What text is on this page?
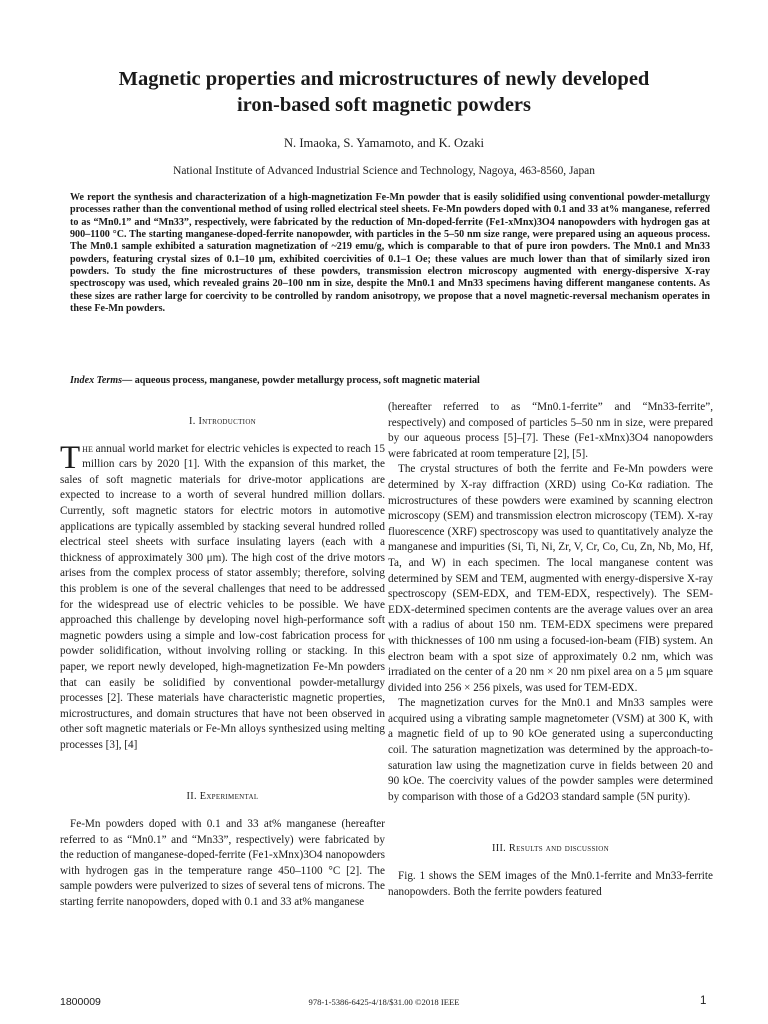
Magnetic properties and microstructures of newly developed
iron-based soft magnetic powders
N. Imaoka, S. Yamamoto, and K. Ozaki
National Institute of Advanced Industrial Science and Technology, Nagoya, 463-8560, Japan

We report the synthesis and characterization of a high-magnetization Fe-Mn powder that is easily solidified using conventional powder-metallurgy processes rather than the conventional method of using rolled electrical steel sheets. Fe-Mn powders doped with 0.1 and 33 at% manganese, referred to as “Mn0.1” and “Mn33”, respectively, were fabricated by the reduction of Mn-doped-ferrite (Fe1-xMnx)3O4 nanopowders with hydrogen gas at 900–1100 °C. The starting manganese-doped-ferrite nanopowder, with particles in the 5–50 nm size range, were prepared using an aqueous process. The Mn0.1 sample exhibited a saturation magnetization of ~219 emu/g, which is comparable to that of pure iron powders. The Mn0.1 and Mn33 powders, featuring crystal sizes of 0.1–10 μm, exhibited coercivities of 0.1–1 Oe; these values are much lower than that of similarly sized iron powders. To study the fine microstructures of these powders, transmission electron microscopy augmented with energy-dispersive X-ray spectroscopy was used, which revealed grains 20–100 nm in size, despite the Mn0.1 and Mn33 specimens having different manganese contents. As these sizes are rather large for coercivity to be controlled by random anisotropy, we propose that a novel magnetic-reversal mechanism operates in these Fe-Mn powders.

Index Terms— aqueous process, manganese, powder metallurgy process, soft magnetic material
I. Introduction

The annual world market for electric vehicles is expected to reach 15 million cars by 2020 [1]. With the expansion of this market, the sales of soft magnetic materials for drive-motor applications are expected to increase to a worth of several hundred million dollars. Currently, soft magnetic stators for electric motors in automotive applications are typically assembled by stacking several hundred rolled electrical steel sheets with surface insulating layers (each with a thickness of approximately 300 μm). The high cost of the drive motors arises from the complex process of stator assembly; therefore, solving this problem is one of the several challenges that need to be addressed for the widespread use of electric vehicles to be possible. We have approached this challenge by developing novel high-performance soft magnetic powders using a simple and low-cost fabrication process for powder solidification, without involving rolling or stacking. In this paper, we report newly developed, high-magnetization Fe-Mn powders that can easily be solidified by conventional powder-metallurgy processes [2]. These materials have characteristic magnetic properties, microstructures, and domain structures that have not been observed in other soft magnetic materials or Fe-Mn alloys synthesized using melting processes [3], [4]

II. Experimental

Fe-Mn powders doped with 0.1 and 33 at% manganese (hereafter referred to as “Mn0.1” and “Mn33”, respectively) were fabricated by the reduction of manganese-doped-ferrite (Fe1-xMnx)3O4 nanopowders with hydrogen gas in the temperature range 450–1100 °C [2]. The sample powders were pulverized to sizes of several tens of microns. The starting ferrite nanopowders, doped with 0.1 and 33 at% manganese

(hereafter referred to as “Mn0.1-ferrite” and “Mn33-ferrite”, respectively) and composed of particles 5–50 nm in size, were prepared by our aqueous process [5]–[7]. These (Fe1-xMnx)3O4 nanopowders were fabricated at room temperature [2], [5].

The crystal structures of both the ferrite and Fe-Mn powders were determined by X-ray diffraction (XRD) using Co-Kα radiation. The microstructures of these powders were examined by scanning electron microscopy (SEM) and transmission electron microscopy (TEM). X-ray fluorescence (XRF) spectroscopy was used to quantitatively analyze the manganese and impurities (Si, Ti, Ni, Zr, V, Cr, Co, Cu, Zn, Nb, Mo, Hf, Ta, and W) in each specimen. The local manganese content was determined by SEM and TEM, augmented with energy-dispersive X-ray spectroscopy (SEM-EDX, and TEM-EDX, respectively). The SEM-EDX-determined specimen contents are the average values over an area with a radius of about 150 nm. TEM-EDX specimens were prepared with thicknesses of 100 nm using a focused-ion-beam (FIB) system. An electron beam with a spot size of approximately 0.2 nm, which was irradiated on the center of a 20 nm × 20 nm pixel area on a 5 μm square divided into 256 × 256 pixels, was used for TEM-EDX.

The magnetization curves for the Mn0.1 and Mn33 samples were acquired using a vibrating sample magnetometer (VSM) at 300 K, with a magnetic field of up to 90 kOe generated using a superconducting coil. The saturation magnetization was determined by the approach-to-saturation law using the magnetization curve in fields between 20 and 90 kOe. The coercivity values of the powder samples were determined by comparison with those of a Gd2O3 standard sample (5N purity).

III. Results and discussion

Fig. 1 shows the SEM images of the Mn0.1-ferrite and Mn33-ferrite nanopowders. Both the ferrite powders featured

1800009	978-1-5386-6425-4/18/$31.00 ©2018 IEEE	1
